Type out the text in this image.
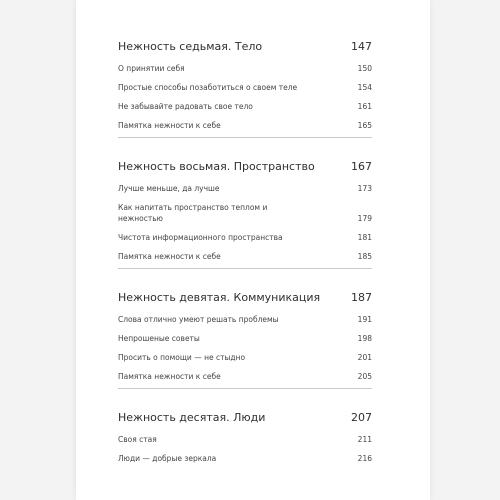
Нежность седьмая. Тело	147
О принятии себя	150
Простые способы позаботиться о своем теле	154
Не забывайте радовать свое тело	161
Памятка нежности к себе	165
Нежность восьмая. Пространство	167
Лучше меньше, да лучше	173
Как напитать пространство теплом и нежностью	179
Чистота информационного пространства	181
Памятка нежности к себе	185
Нежность девятая. Коммуникация	187
Слова отлично умеют решать проблемы	191
Непрошеные советы	198
Просить о помощи — не стыдно	201
Памятка нежности к себе	205
Нежность десятая. Люди	207
Своя стая	211
Люди — добрые зеркала	216
